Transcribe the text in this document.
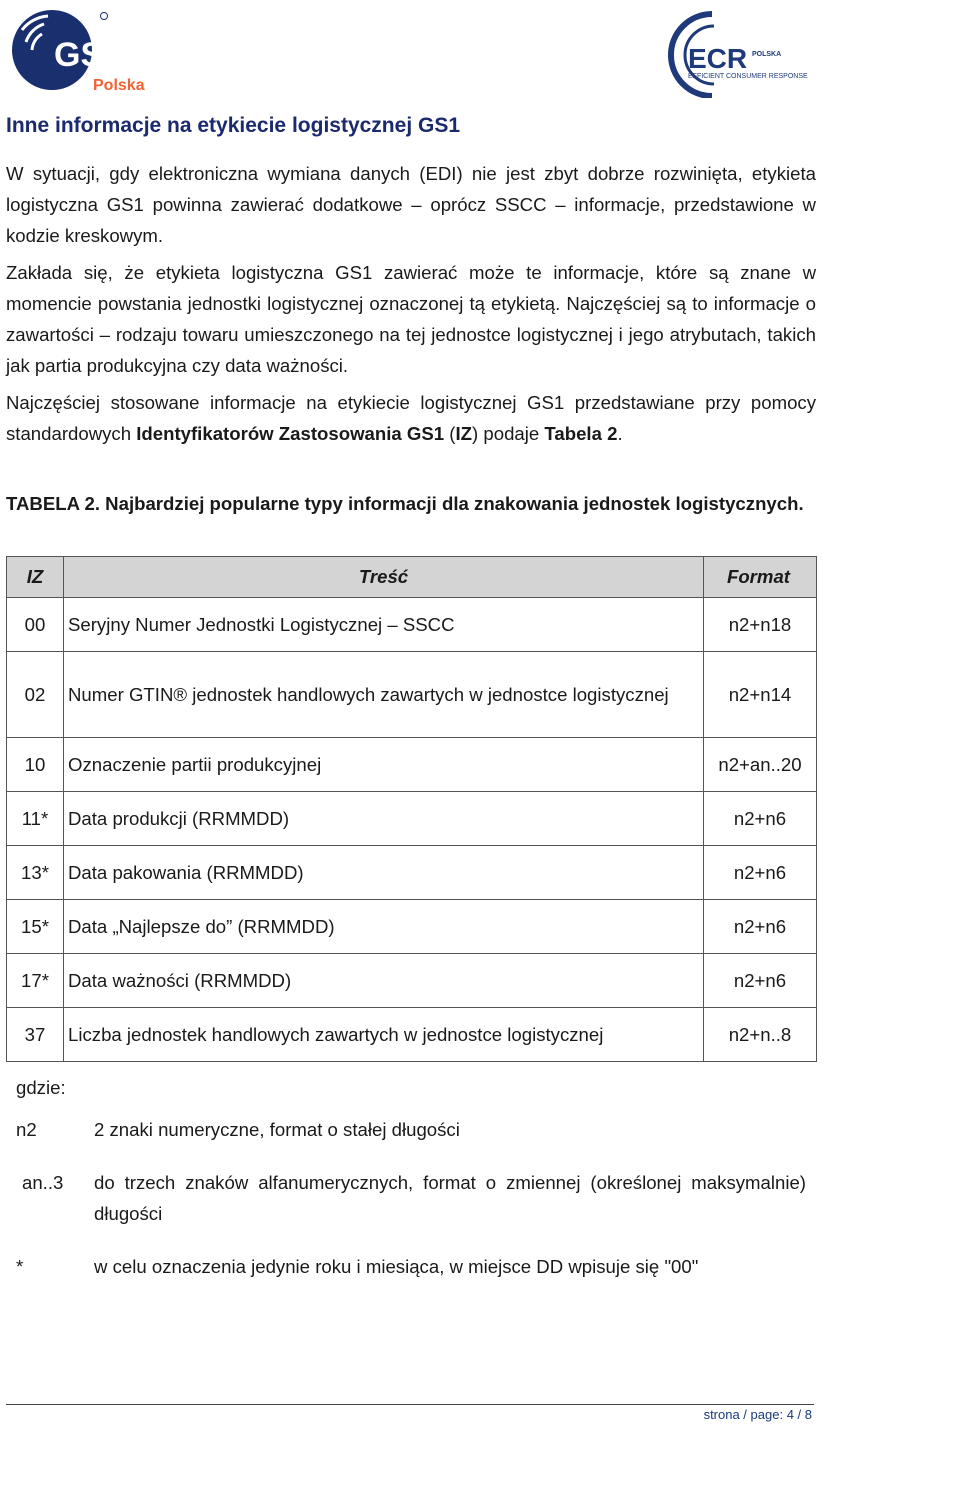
GS1
Polska
ECR POLSKA
EFFICIENT CONSUMER RESPONSE
Inne informacje na etykiecie logistycznej GS1

W sytuacji, gdy elektroniczna wymiana danych (EDI) nie jest zbyt dobrze rozwinięta, etykieta logistyczna GS1 powinna zawierać dodatkowe – oprócz SSCC – informacje, przedstawione w kodzie kreskowym.

Zakłada się, że etykieta logistyczna GS1 zawierać może te informacje, które są znane w momencie powstania jednostki logistycznej oznaczonej tą etykietą. Najczęściej są to informacje o zawartości – rodzaju towaru umieszczonego na tej jednostce logistycznej i jego atrybutach, takich jak partia produkcyjna czy data ważności.

Najczęściej stosowane informacje na etykiecie logistycznej GS1 przedstawiane przy pomocy standardowych Identyfikatorów Zastosowania GS1 (IZ) podaje Tabela 2.

TABELA 2. Najbardziej popularne typy informacji dla znakowania jednostek logistycznych.

IZ	Treść	Format
00	Seryjny Numer Jednostki Logistycznej – SSCC	n2+n18
02	Numer GTIN® jednostek handlowych zawartych w jednostce logistycznej	n2+n14
10	Oznaczenie partii produkcyjnej	n2+an..20
11*	Data produkcji (RRMMDD)	n2+n6
13*	Data pakowania (RRMMDD)	n2+n6
15*	Data „Najlepsze do” (RRMMDD)	n2+n6
17*	Data ważności (RRMMDD)	n2+n6
37	Liczba jednostek handlowych zawartych w jednostce logistycznej	n2+n..8

gdzie:

n2	2 znaki numeryczne, format o stałej długości
an..3 do trzech znaków alfanumerycznych, format o zmiennej (określonej maksymalnie) długości
*	w celu oznaczenia jedynie roku i miesiąca, w miejsce DD wpisuje się "00"
strona / page: 4 / 8
